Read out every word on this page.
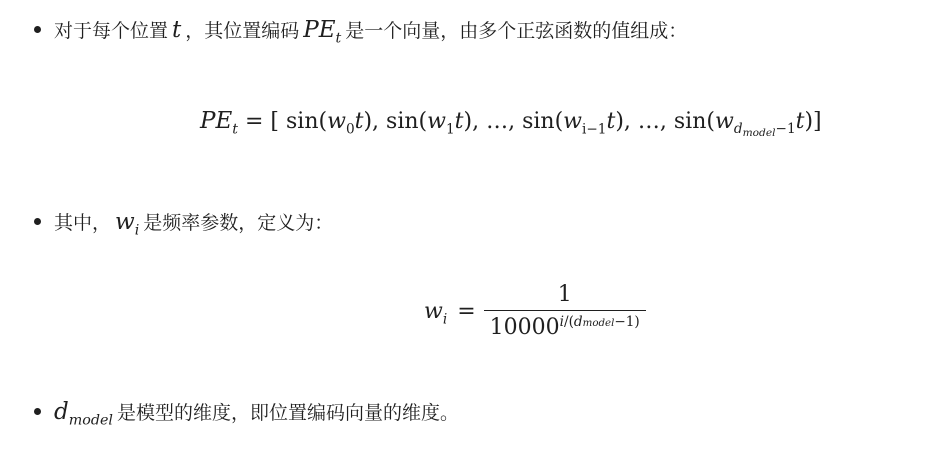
对于每个位置 t ，其位置编码 $PE_t$ 是一个向量，由多个正弦函数的值组成：
$PE_t$ = [ $\sin(w_0t)$, $\sin(w_1t)$, …, $\sin(w_{i-1}t)$, …, $\sin(w_{dmodel-1}t)$]
其中， $w_i$ 是频率参数，定义为：
$w_i = \frac{1}{10000^{i/(dmodel-1)}}$
$d_{model}$ 是模型的维度，即位置编码向量的维度。
